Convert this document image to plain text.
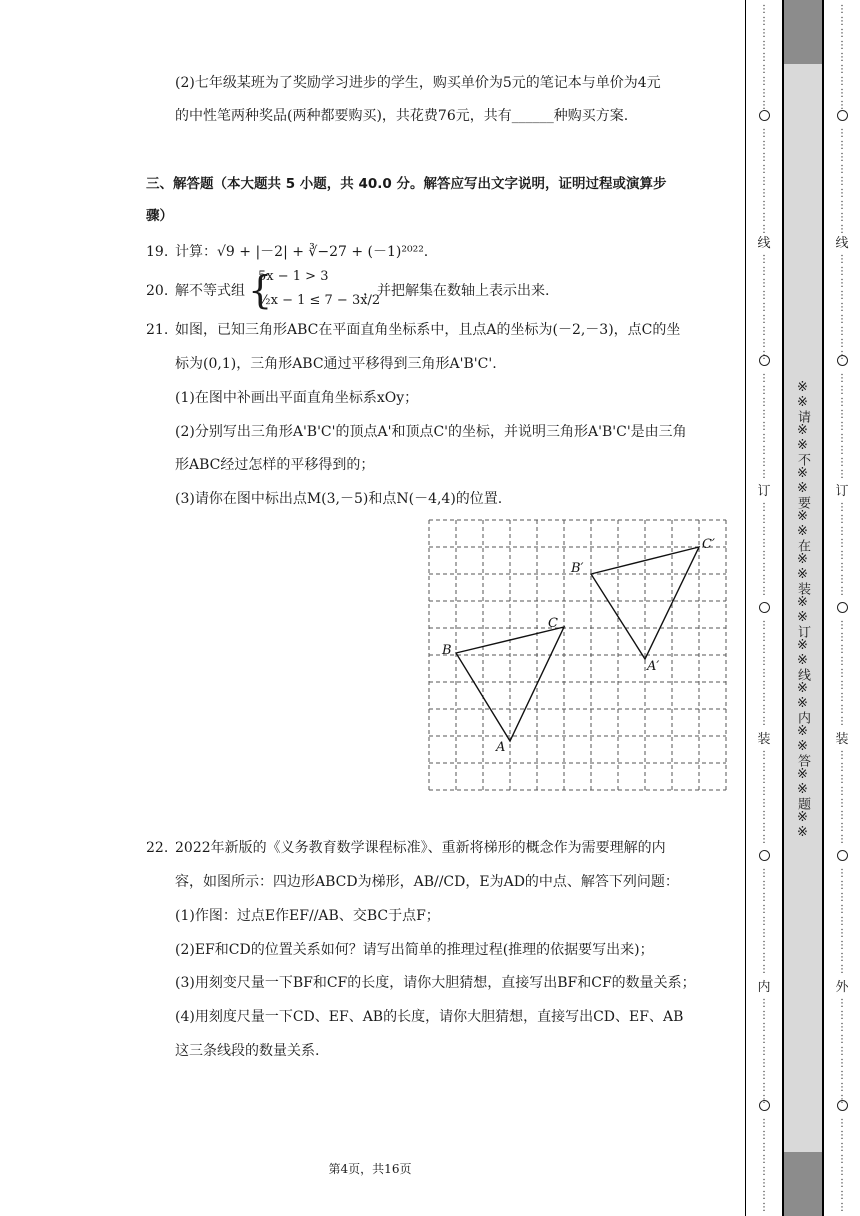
(2)七年级某班为了奖励学习进步的学生，购买单价为5元的笔记本与单价为4元
的中性笔两种奖品(两种都要购买)，共花费76元，共有______种购买方案.
三、解答题（本大题共 5 小题，共 40.0 分。解答应写出文字说明，证明过程或演算步
骤）
19. 计算：√9 + |－2| + ∛−27 + (－1)²⁰²².
20. 解不等式组 {
5x − 1 > 3
½x − 1 ≤ 7 − 3x/2
，并把解集在数轴上表示出来.
21. 如图，已知三角形ABC在平面直角坐标系中，且点A的坐标为(－2,－3)，点C的坐
标为(0,1)，三角形ABC通过平移得到三角形A'B'C'.
(1)在图中补画出平面直角坐标系xOy；
(2)分别写出三角形A'B'C'的顶点A'和顶点C'的坐标，并说明三角形A'B'C'是由三角
形ABC经过怎样的平移得到的；
(3)请你在图中标出点M(3,－5)和点N(－4,4)的位置.
B
C
A
B′
C′
A′
22. 2022年新版的《义务教育数学课程标准》、重新将梯形的概念作为需要理解的内
容，如图所示：四边形ABCD为梯形，AB//CD，E为AD的中点、解答下列问题：
(1)作图：过点E作EF//AB、交BC于点F；
(2)EF和CD的位置关系如何？请写出简单的推理过程(推理的依据要写出来)；
(3)用刻变尺量一下BF和CF的长度，请你大胆猜想，直接写出BF和CF的数量关系；
(4)用刻度尺量一下CD、EF、AB的长度，请你大胆猜想，直接写出CD、EF、AB
这三条线段的数量关系.
第4页，共16页
※※请※※不※※要※※在※※装※※订※※线※※内※※答※※题※※
⋮ ⋮ ⋮ ⋮ ⋮ ⋮ ⋮ ⋮ ⋮
⋮ ⋮ ⋮ ⋮ ⋮ ⋮ ⋮ ⋮ ⋮
⋮ ⋮ ⋮ ⋮ ⋮ ⋮ ⋮ ⋮ ⋮
⋮ ⋮ ⋮ ⋮ ⋮ ⋮ ⋮ ⋮ ⋮
⋮ ⋮ ⋮ ⋮ ⋮ ⋮ ⋮ ⋮
⋮ ⋮ ⋮ ⋮ ⋮ ⋮ ⋮ ⋮ ⋮
⋮ ⋮ ⋮ ⋮ ⋮ ⋮ ⋮ ⋮
⋮ ⋮ ⋮ ⋮ ⋮ ⋮ ⋮ ⋮ ⋮
⋮ ⋮ ⋮ ⋮ ⋮ ⋮ ⋮ ⋮ ⋮
⋮ ⋮ ⋮ ⋮ ⋮ ⋮ ⋮ ⋮
线
订
装
内
⋮ ⋮ ⋮ ⋮ ⋮ ⋮ ⋮ ⋮ ⋮
⋮ ⋮ ⋮ ⋮ ⋮ ⋮ ⋮ ⋮ ⋮
⋮ ⋮ ⋮ ⋮ ⋮ ⋮ ⋮ ⋮ ⋮
⋮ ⋮ ⋮ ⋮ ⋮ ⋮ ⋮ ⋮ ⋮
⋮ ⋮ ⋮ ⋮ ⋮ ⋮ ⋮ ⋮
⋮ ⋮ ⋮ ⋮ ⋮ ⋮ ⋮ ⋮ ⋮
⋮ ⋮ ⋮ ⋮ ⋮ ⋮ ⋮ ⋮
⋮ ⋮ ⋮ ⋮ ⋮ ⋮ ⋮ ⋮ ⋮
⋮ ⋮ ⋮ ⋮ ⋮ ⋮ ⋮ ⋮ ⋮
⋮ ⋮ ⋮ ⋮ ⋮ ⋮ ⋮ ⋮
线
订
装
外
